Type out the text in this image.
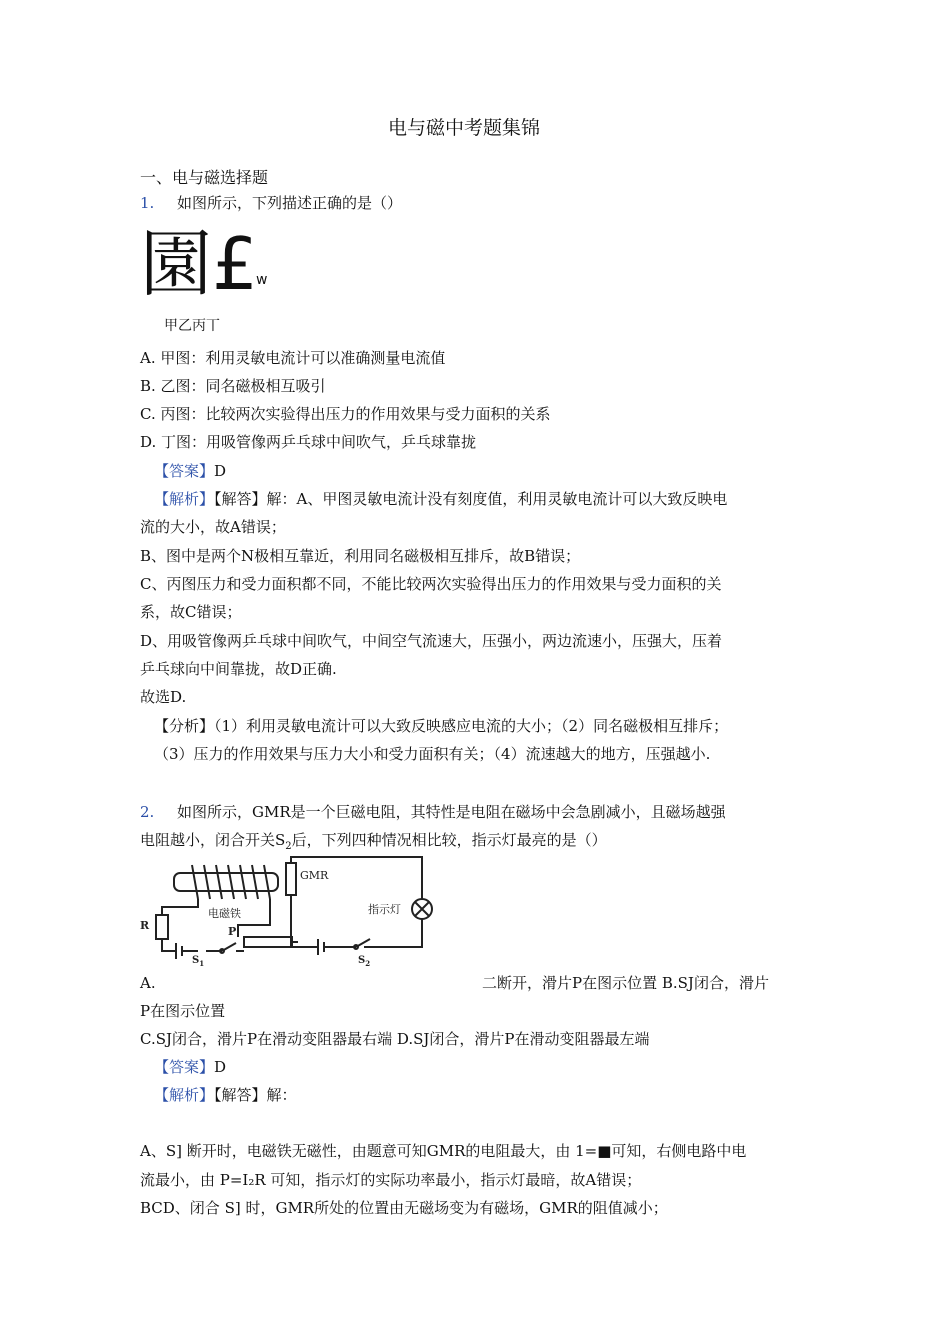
电与磁中考题集锦
一、电与磁选择题
1. 如图所示，下列描述正确的是（）
園 £
w
甲乙丙丅
A. 甲图：利用灵敏电流计可以准确测量电流值
B. 乙图：同名磁极相互吸引
C. 丙图：比较两次实验得出压力的作用效果与受力面积的关系
D. 丁图：用吸管像两乒乓球中间吹气，乒乓球靠拢
【答案】D
【解析】【解答】解：A、甲图灵敏电流计没有刻度值，利用灵敏电流计可以大致反映电
流的大小，故A错误；
B、图中是两个N极相互靠近，利用同名磁极相互排斥，故B错误；
C、丙图压力和受力面积都不同，不能比较两次实验得出压力的作用效果与受力面积的关
系，故C错误；
D、用吸管像两乒乓球中间吹气，中间空气流速大，压强小，两边流速小，压强大，压着
乒乓球向中间靠拢，故D正确.
故选D.
【分析】（1）利用灵敏电流计可以大致反映感应电流的大小；（2）同名磁极相互排斥；
（3）压力的作用效果与压力大小和受力面积有关；（4）流速越大的地方，压强越小.
2. 如图所示，GMR是一个巨磁电阻，其特性是电阻在磁场中会急剧减小，且磁场越强
电阻越小，闭合开关$S_2$后，下列四种情况相比较，指示灯最亮的是（）
电磁铁
R	P
$S_1$
GMR
指示灯
$S_2$
A.	二断开，滑片P在图示位置 B.SJ闭合，滑片
P在图示位置
C.SJ闭合，滑片P在滑动变阻器最右端 D.SJ闭合，滑片P在滑动变阻器最左端
【答案】D
【解析】【解答】解：
A、S] 断开时，电磁铁无磁性，由题意可知GMR的电阻最大，由 1=■可知，右侧电路中电
流最小，由 P=I₂R 可知，指示灯的实际功率最小，指示灯最暗，故A错误；
BCD、闭合 S] 时，GMR所处的位置由无磁场变为有磁场，GMR的阻值减小；
